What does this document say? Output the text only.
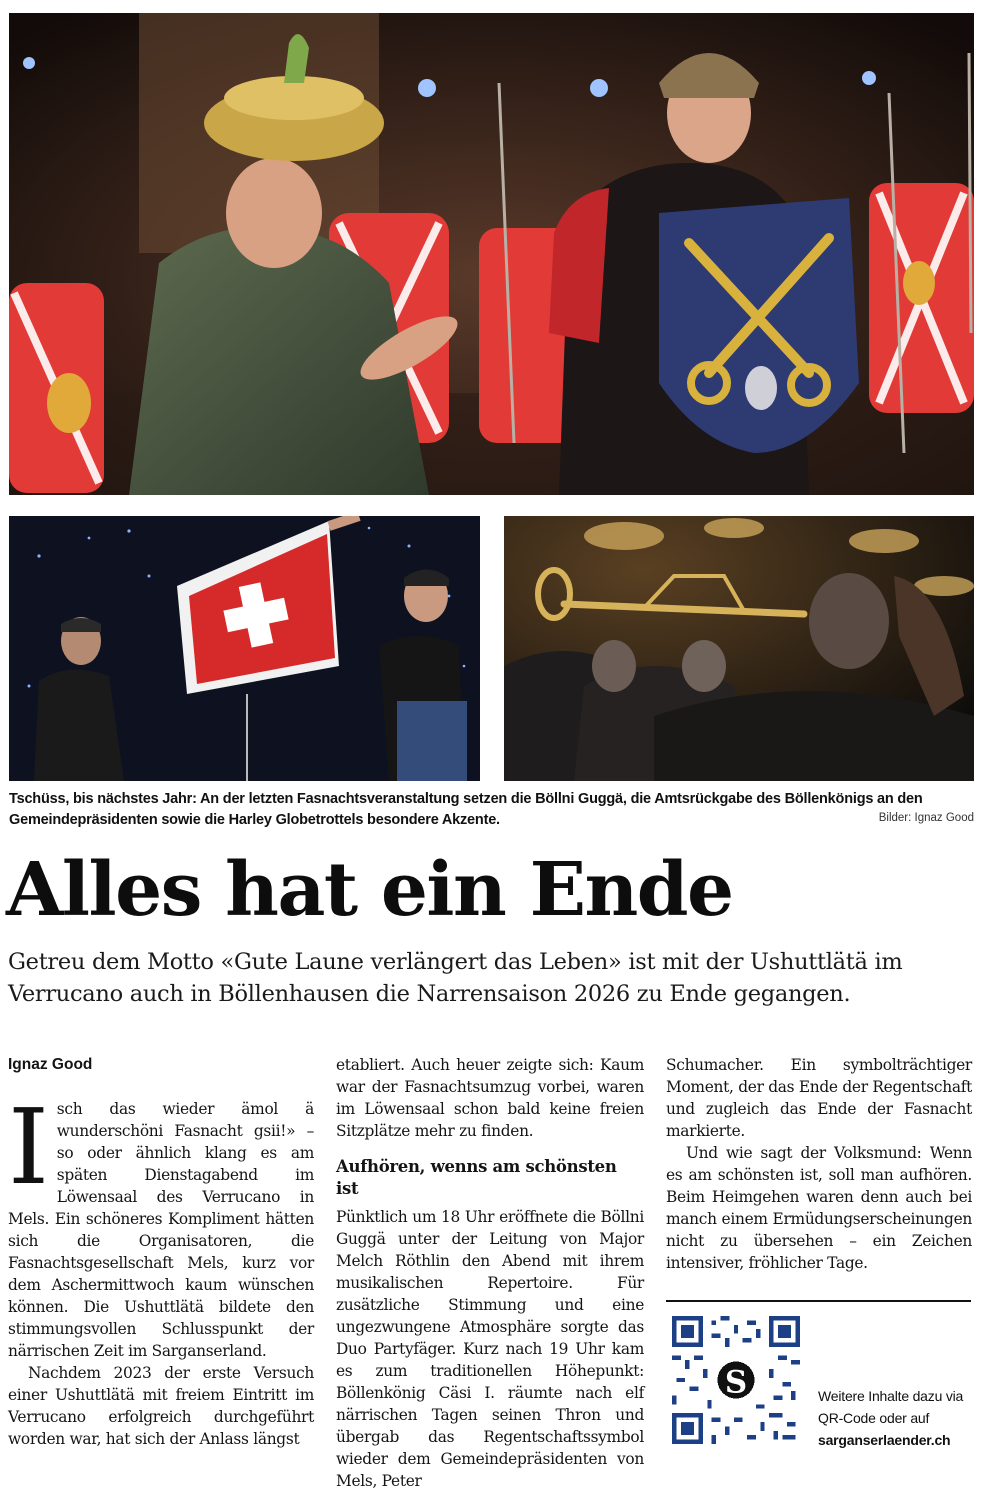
Tschüss, bis nächstes Jahr: An der letzten Fasnachtsveranstaltung setzen die Böllni Guggä, die Amtsrückgabe des Böllenkönigs an den Gemeindepräsidenten sowie die Harley Globetrottels besondere Akzente.	Bilder: Ignaz Good
Alles hat ein Ende

Getreu dem Motto «Gute Laune verlängert das Leben» ist mit der Ushuttlätä im Verrucano auch in Böllenhausen die Narrensaison 2026 zu Ende gegangen.

Ignaz Good

Isch das wieder ämol ä wunderschöni Fasnacht gsii!» – so oder ähnlich klang es am späten Dienstagabend im Löwensaal des Verrucano in Mels. Ein schöneres Kompliment hätten sich die Organisatoren, die Fasnachtsgesellschaft Mels, kurz vor dem Aschermittwoch kaum wünschen können. Die Ushuttlätä bildete den stimmungsvollen Schlusspunkt der närrischen Zeit im Sarganserland.

Nachdem 2023 der erste Versuch einer Ushuttlätä mit freiem Eintritt im Verrucano erfolgreich durchgeführt worden war, hat sich der Anlass längst

etabliert. Auch heuer zeigte sich: Kaum war der Fasnachtsumzug vorbei, waren im Löwensaal schon bald keine freien Sitzplätze mehr zu finden.

Aufhören, wenns am schönsten ist

Pünktlich um 18 Uhr eröffnete die Böllni Guggä unter der Leitung von Major Melch Röthlin den Abend mit ihrem musikalischen Repertoire. Für zusätzliche Stimmung und eine ungezwungene Atmosphäre sorgte das Duo Partyfäger. Kurz nach 19 Uhr kam es zum traditionellen Höhepunkt: Böllenkönig Cäsi I. räumte nach elf närrischen Tagen seinen Thron und übergab das Regentschaftssymbol wieder dem Gemeindepräsidenten von Mels, Peter

Schumacher. Ein symbolträchtiger Moment, der das Ende der Regentschaft und zugleich das Ende der Fasnacht markierte.

Und wie sagt der Volksmund: Wenn es am schönsten ist, soll man aufhören. Beim Heimgehen waren denn auch bei manch einem Ermüdungserscheinungen nicht zu übersehen – ein Zeichen intensiver, fröhlicher Tage.

S	Weitere Inhalte dazu via QR-Code oder auf
sarganserlaender.ch
